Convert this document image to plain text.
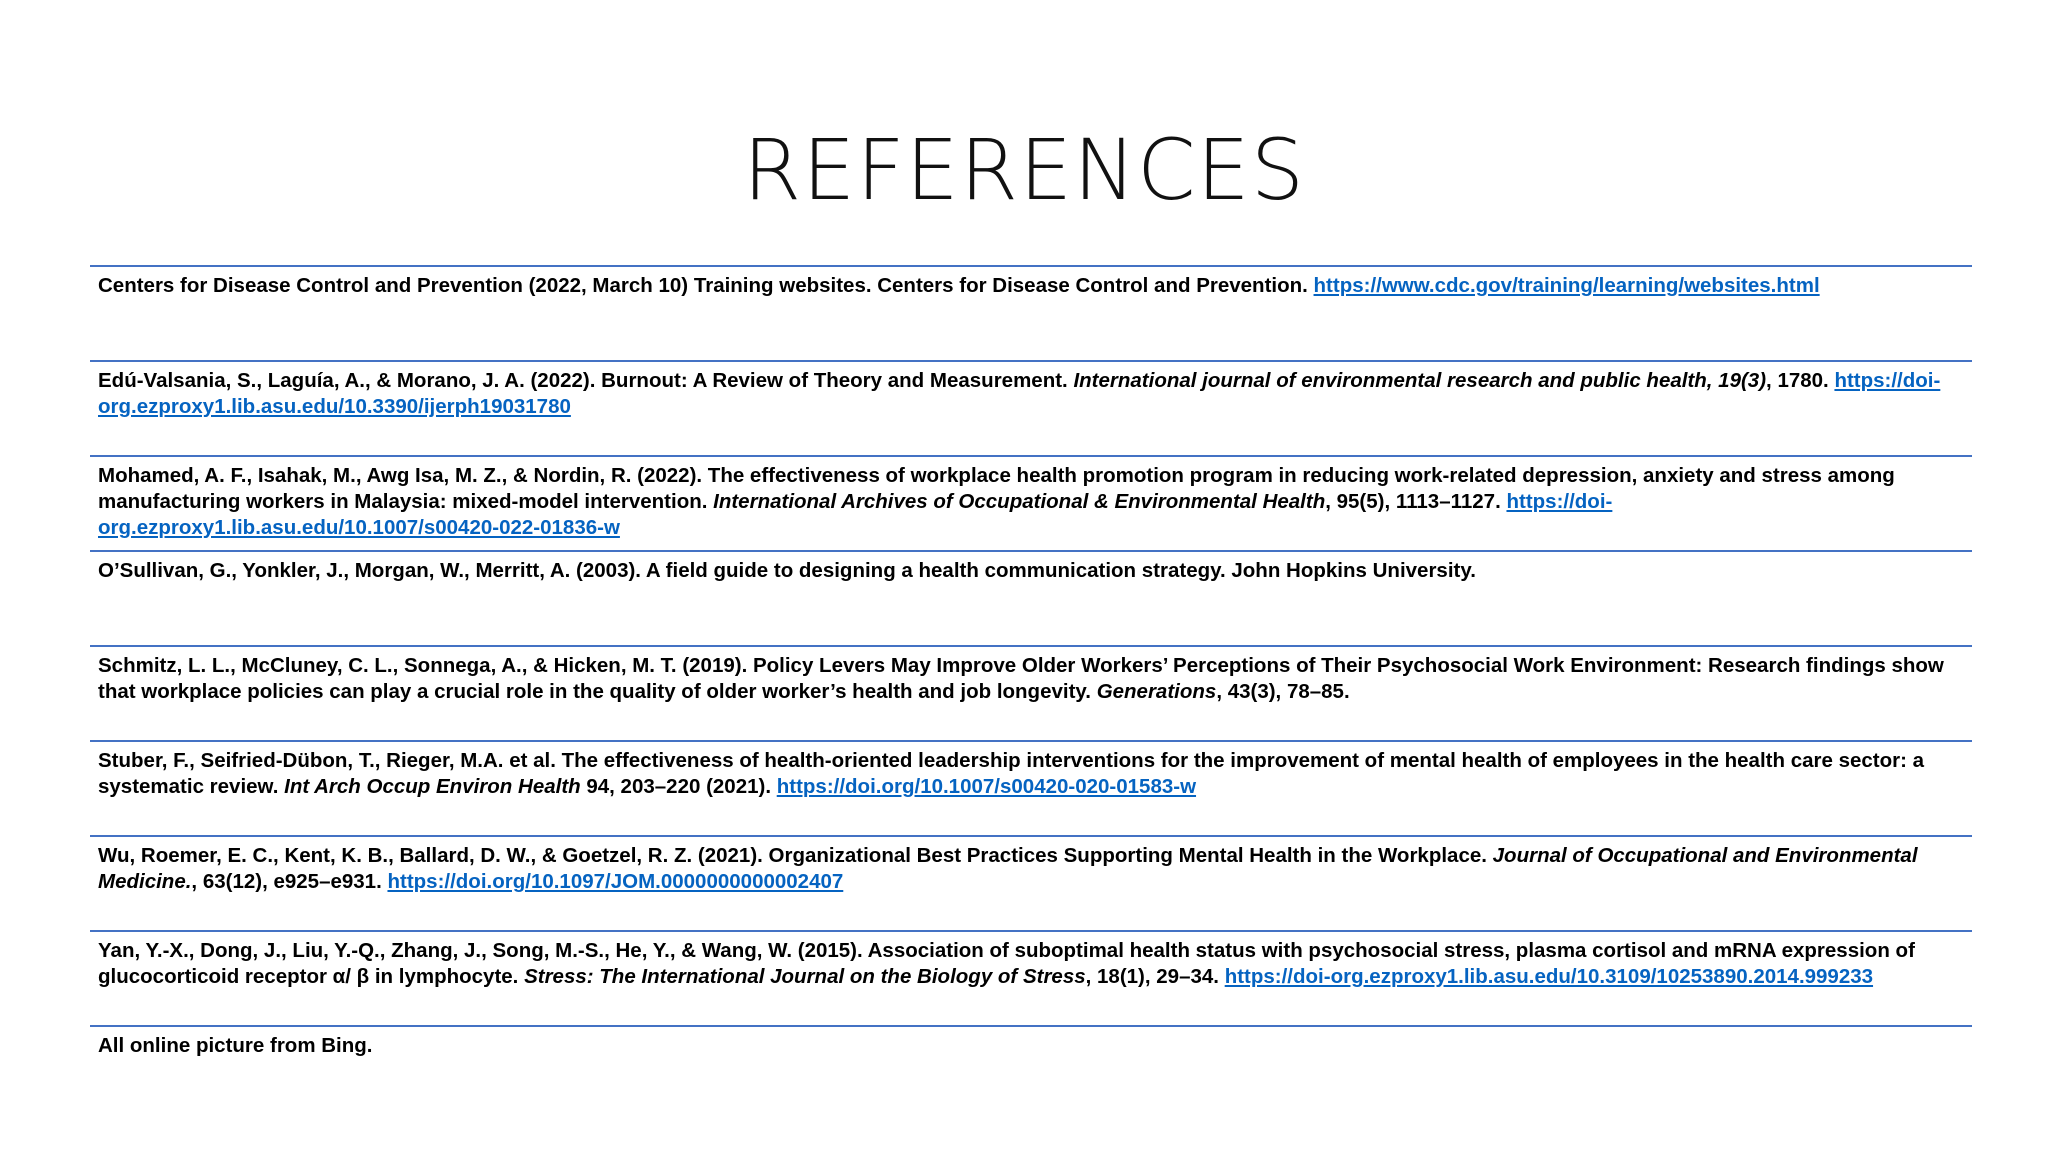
REFERENCES
Centers for Disease Control and Prevention (2022, March 10) Training websites. Centers for Disease Control and Prevention. https://www.cdc.gov/training/learning/websites.html
Edú-Valsania, S., Laguía, A., & Morano, J. A. (2022). Burnout: A Review of Theory and Measurement. International journal of environmental research and public health, 19(3), 1780. https://doi-org.ezproxy1.lib.asu.edu/10.3390/ijerph19031780
Mohamed, A. F., Isahak, M., Awg Isa, M. Z., & Nordin, R. (2022). The effectiveness of workplace health promotion program in reducing work-related depression, anxiety and stress among manufacturing workers in Malaysia: mixed-model intervention. International Archives of Occupational & Environmental Health, 95(5), 1113–1127. https://doi-org.ezproxy1.lib.asu.edu/10.1007/s00420-022-01836-w
O’Sullivan, G., Yonkler, J., Morgan, W., Merritt, A. (2003). A field guide to designing a health communication strategy. John Hopkins University.
Schmitz, L. L., McCluney, C. L., Sonnega, A., & Hicken, M. T. (2019). Policy Levers May Improve Older Workers’ Perceptions of Their Psychosocial Work Environment: Research findings show that workplace policies can play a crucial role in the quality of older worker’s health and job longevity. Generations, 43(3), 78–85.
Stuber, F., Seifried-Dübon, T., Rieger, M.A. et al. The effectiveness of health-oriented leadership interventions for the improvement of mental health of employees in the health care sector: a systematic review. Int Arch Occup Environ Health 94, 203–220 (2021). https://doi.org/10.1007/s00420-020-01583-w
Wu, Roemer, E. C., Kent, K. B., Ballard, D. W., & Goetzel, R. Z. (2021). Organizational Best Practices Supporting Mental Health in the Workplace. Journal of Occupational and Environmental Medicine., 63(12), e925–e931. https://doi.org/10.1097/JOM.0000000000002407
Yan, Y.-X., Dong, J., Liu, Y.-Q., Zhang, J., Song, M.-S., He, Y., & Wang, W. (2015). Association of suboptimal health status with psychosocial stress, plasma cortisol and mRNA expression of glucocorticoid receptor α/ β in lymphocyte. Stress: The International Journal on the Biology of Stress, 18(1), 29–34. https://doi-org.ezproxy1.lib.asu.edu/10.3109/10253890.2014.999233
All online picture from Bing.
